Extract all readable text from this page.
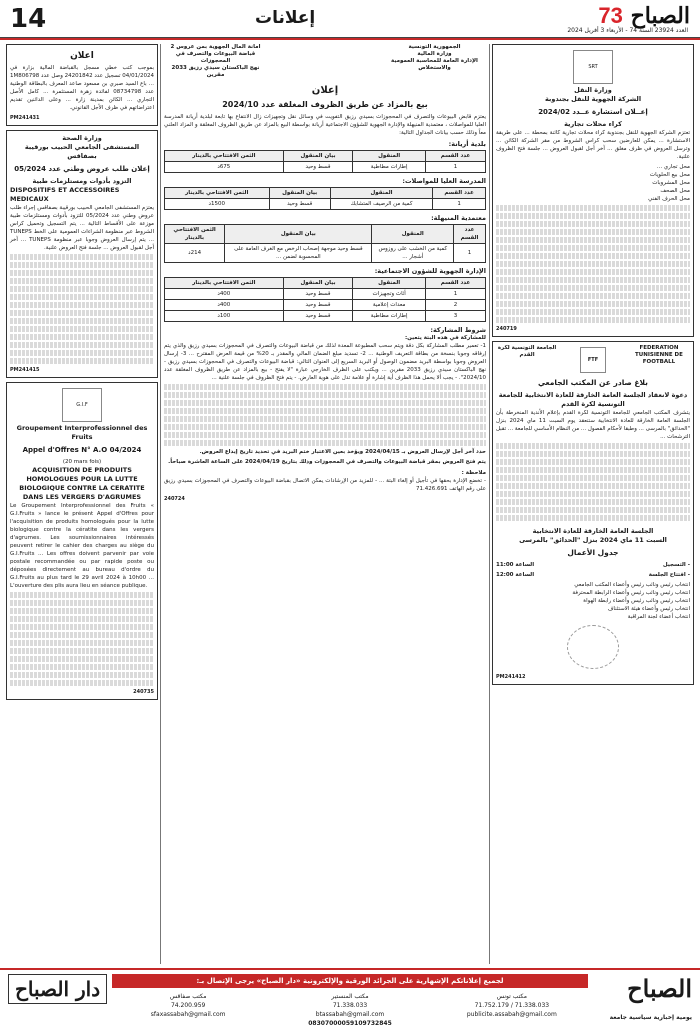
14	إعلانات	الصباح 73
العدد 23924 السنة 74 - الأربعاء 3 أفريل 2024
اعلان
بموجب كتب خطي مسجل بالقباضة المالية بزارة في 04/01/2024 تسجيل عدد 24201842 وصل عدد 1M806798 ... باع السيد صبري بن مسعود صاعد المعرف بالبطاقة الوطنية عدد 08734798 لفائدة زهرة المستثمرة ... كامل الأصل التجاري ... الكائن بمدينة زارة ... وعلى الدائنين تقديم اعتراضاتهم في ظرف الأجل القانوني.
PM241431
وزارة الصحة
المستشفى الجامعي الحبيب بورقيبة بصفاقس
إعلان طلب عروض وطني عدد 05/2024
التزود بأدوات ومستلزمات طبية
DISPOSITIFS ET ACCESSOIRES MEDICAUX
يعتزم المستشفى الجامعي الحبيب بورقيبة بصفاقس إجراء طلب عروض وطني عدد 05/2024 للتزود بأدوات ومستلزمات طبية موزعة على الأقساط التالية ... يتم التسجيل وتحميل كراس الشروط عبر منظومة الشراءات العمومية على الخط TUNEPS ... يتم إرسال العروض وجوبا عبر منظومة TUNEPS ... آخر أجل لقبول العروض ... جلسة فتح العروض علنية.
PM241415
G.I.F
Groupement Interprofessionnel des Fruits
Appel d'Offres N° A.O 04/2024
(20 mars fois)
ACQUISITION DE PRODUITS HOMOLOGUES POUR LA LUTTE BIOLOGIQUE CONTRE LA CERATITE DANS LES VERGERS D'AGRUMES
Le Groupement Interprofessionnel des Fruits « G.I.Fruits » lance le présent Appel d'Offres pour l'acquisition de produits homologués pour la lutte biologique contre la cératite dans les vergers d'agrumes. Les soumissionnaires intéressés peuvent retirer le cahier des charges au siège du G.I.Fruits ... Les offres doivent parvenir par voie postale recommandée ou par rapide poste ou déposées directement au bureau d'ordre du G.I.Fruits au plus tard le 29 avril 2024 à 10h00 ... L'ouverture des plis aura lieu en séance publique.
240735
الجمهورية التونسية
وزارة المالية
الإدارة العامة للمحاسبة العمومية والاستخلاص
أمانة المال الجهوية بمن عروس 2
قباضة البيوعات والتصرف في المحجوزات
نهج الباكستان سيدي رزيق 2033 مقرين
إعلان
بيع بالمزاد عن طريق الظروف المغلقة عدد 2024/10
يعتزم قابض البيوعات والتصرف في المحجوزات بسيدي رزيق التفويت في وسائل نقل وتجهيزات زال الانتفاع بها تابعة لبلدية أريانة المدرسة العليا للمواصلات ، معتمدية المنيهلة والإدارة الجهوية للشؤون الاجتماعية أريانة بواسطة البيع بالمزاد عن طريق الظروف المغلقة و المزاد العلني معاً وذلك حسب بيانات الجداول التالية:
بلدية أريانة:
عدد القسم	المنقول	بيان المنقول	الثمن الافتتاحي بالدينار
1	إطارات مطاطية	قسط وحيد	675د
المدرسة العليا للمواصلات:
عدد القسم	المنقول	بيان المنقول	الثمن الافتتاحي بالدينار
1	كمية من الرصيف المتشابك	قسط وحيد	1500د
معتمدية المنيهلة:
عدد القسم	المنقول	بيان المنقول	الثمن الافتتاحي بالدينار
1	كمية من الخشب على روزوس أشجار ...	قسط وحيد موجهة إصحاب الرخص مع الغرف العامة على المحسوبة لضمن ...	214د
الإدارة الجهوية للشؤون الاجتماعية:
عدد القسم	المنقول	بيان المنقول	الثمن الافتتاحي بالدينار
1	أثاث وتجهيزات	قسط وحيد	400د
2	معدات إعلامية	قسط وحيد	400د
3	إطارات مطاطية	قسط وحيد	100د
شروط المشاركة:
للمشاركة في هذه البتة يتعين:
1- تعمير مطلب المشاركة بكل دقة ويتم سحب المطبوعة المعدة لذلك من قباضة البيوعات والتصرف في المحجوزات بسيدي رزيق والذي يتم إرفاقه وجوبا بنسخة من بطاقة التعريف الوطنية ... 2- تسديد مبلغ الضمان المالي والمقدر بـ 20% من قيمة العرض المقترح ... 3- إرسال العروض وجوبا بواسطة البريد مضمون الوصول أو البريد السريع إلى العنوان التالي: قباضة البيوعات والتصرف في المحجوزات بسيدي رزيق - نهج الباكستان سيدي رزيق 2033 مقرين ... ويكتب على الظرف الخارجي عبارة "لا يفتح - بيع بالمزاد عن طريق الظروف المغلقة عدد 2024/10". - يجب ألا يحمل هذا الظرف أية إشارة أو علامة تدل على هوية العارض. - يتم فتح الظروف في جلسة علنية ...
حدد آخر أجل لإرسال العروض بـ 2024/04/15 ويؤخذ بعين الاعتبار ختم البريد في تحديد تاريخ إيداع العروض.
يتم فتح العروض بمقر قباضة البيوعات والتصرف في المحجوزات وذلك بتاريخ 2024/04/19 على الساعة العاشرة صباحاً.
ملاحظة :
- تخضع الإدارة بحقها في تأجيل أو إلغاء البتة ... - للمزيد من الإرشادات يمكن الاتصال بقباضة البيوعات والتصرف في المحجوزات بسيدي رزيق على رقم الهاتف 71.426.691
240724
SRT
وزارة النقل
الشركة الجهوية للنقل بجندوبة
إعــلان استشارة عــدد 2024/02
كراء محلات تجارية
تعتزم الشركة الجهوية للنقل بجندوبة كراء محلات تجارية كائنة بمحطة ... على طريقة الاستشارة ... يمكن للعارضين سحب كراس الشروط من مقر الشركة الكائن ... وترسل العروض في ظرف مغلق ... آخر أجل لقبول العروض ... جلسة فتح الظروف علنية.
محل تجاري ...
محل بيع الحلويات
محل المشروبات
محل الصحف
محل الحرف الفني
240719
FEDERATION TUNISIENNE DE FOOTBALL
FTF
الجامعة التونسية لكرة القدم
بلاغ صادر عن المكتب الجامعي
دعوة لانعقاد الجلسة العامة الخارقة للعادة الانتخابية للجامعة التونسية لكرة القدم
يتشرف المكتب الجامعي للجامعة التونسية لكرة القدم بإعلام الأندية المنخرطة بأن الجلسة العامة الخارقة للعادة الانتخابية ستنعقد يوم السبت 11 ماي 2024 بنزل "الحدائق" بالمرسى ... وطبقا لأحكام الفصول ... من النظام الأساسي للجامعة ... تقبل الترشحات ...
الجلسة العامة الخارقة للعادة الانتخابية
السبت 11 ماي 2024 بنزل "الحدائق" بالمرسى
جدول الأعمال
- التسجيل
الساعة 11:00
- افتتاح الجلسة
الساعة 12:00
انتخاب رئيس ونائب رئيس وأعضاء المكتب الجامعي
انتخاب رئيس ونائب رئيس وأعضاء الرابطة المحترفة
انتخاب رئيس ونائب رئيس وأعضاء رابطة الهواة
انتخاب رئيس وأعضاء هيئة الاستئناف
انتخاب أعضاء لجنة المراقبة
PM241412
دار الصباح	لجميع إعلاناتكم الإشهارية على الجرائد الورقية والإلكترونية «دار الصباح» يرجى الإتصال بـ:
مكتب صفاقس
74.200.959
sfaxassabah@gmail.com
مكتب المنستير
71.338.033
btassabah@gmail.com
مكتب تونس
71.752.179 / 71.338.033
publicite.assabah@gmail.com
08307000059109732845
الصباح
يومية إخبارية سياسية جامعة
